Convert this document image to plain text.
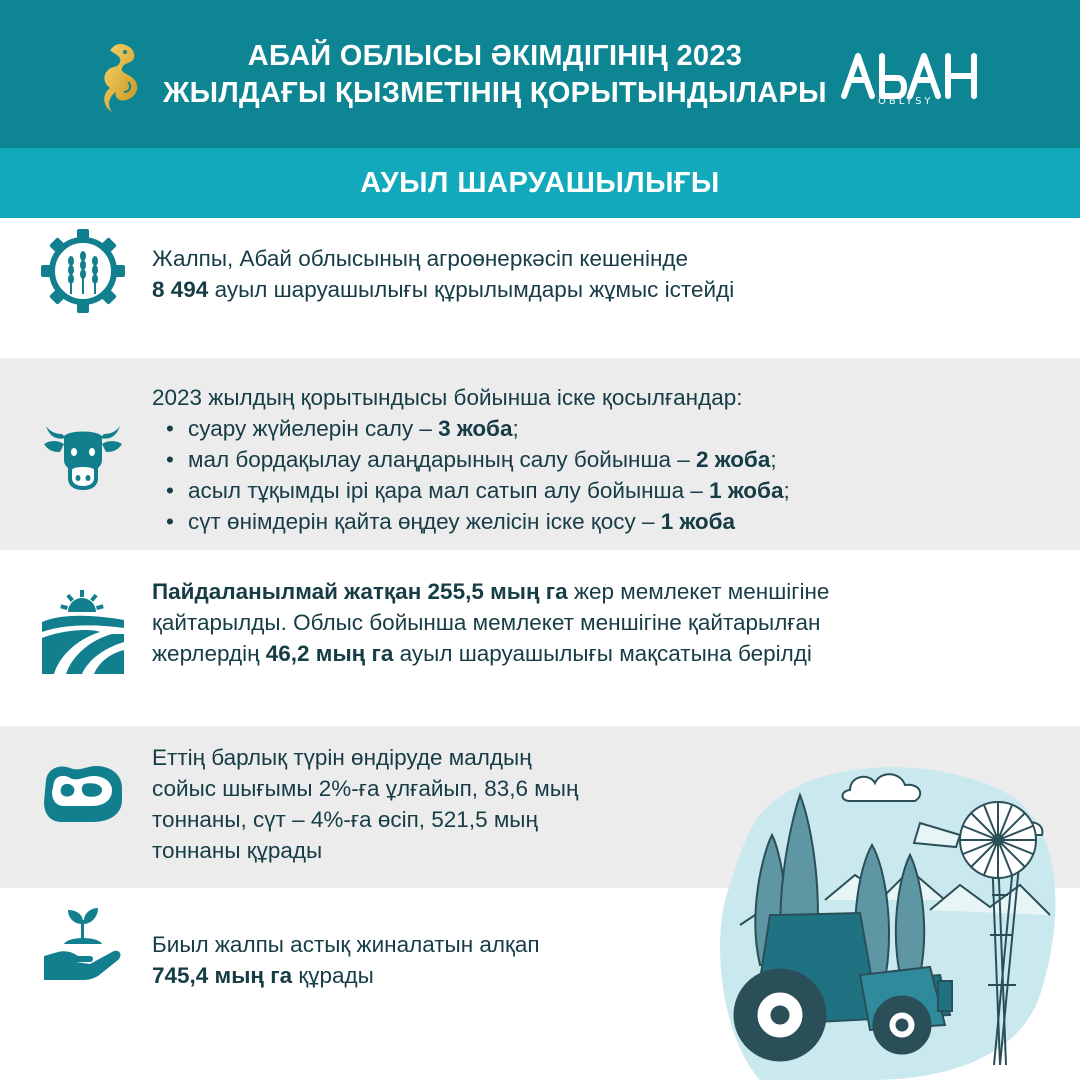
АБАЙ ОБЛЫСЫ ӘКІМДІГІНІҢ 2023
ЖЫЛДАҒЫ ҚЫЗМЕТІНІҢ ҚОРЫТЫНДЫЛАРЫ	OBLYSY
АУЫЛ ШАРУАШЫЛЫҒЫ
Жалпы, Абай облысының агроөнеркәсіп кешенінде
8 494 ауыл шаруашылығы құрылымдары жұмыс істейді
2023 жылдың қорытындысы бойынша іске қосылғандар:
• суару жүйелерін салу – 3 жоба;
• мал бордақылау алаңдарының салу бойынша – 2 жоба;
• асыл тұқымды ірі қара мал сатып алу бойынша – 1 жоба;
• сүт өнімдерін қайта өңдеу желісін іске қосу – 1 жоба
Пайдаланылмай жатқан 255,5 мың га жер мемлекет меншігіне
қайтарылды. Облыс бойынша мемлекет меншігіне қайтарылған
жерлердің 46,2 мың га ауыл шаруашылығы мақсатына берілді
Еттің барлық түрін өндіруде малдың
сойыс шығымы 2%-ға ұлғайып, 83,6 мың
тоннаны, сүт – 4%-ға өсіп, 521,5 мың
тоннаны құрады
Биыл жалпы астық жиналатын алқап
745,4 мың га құрады
